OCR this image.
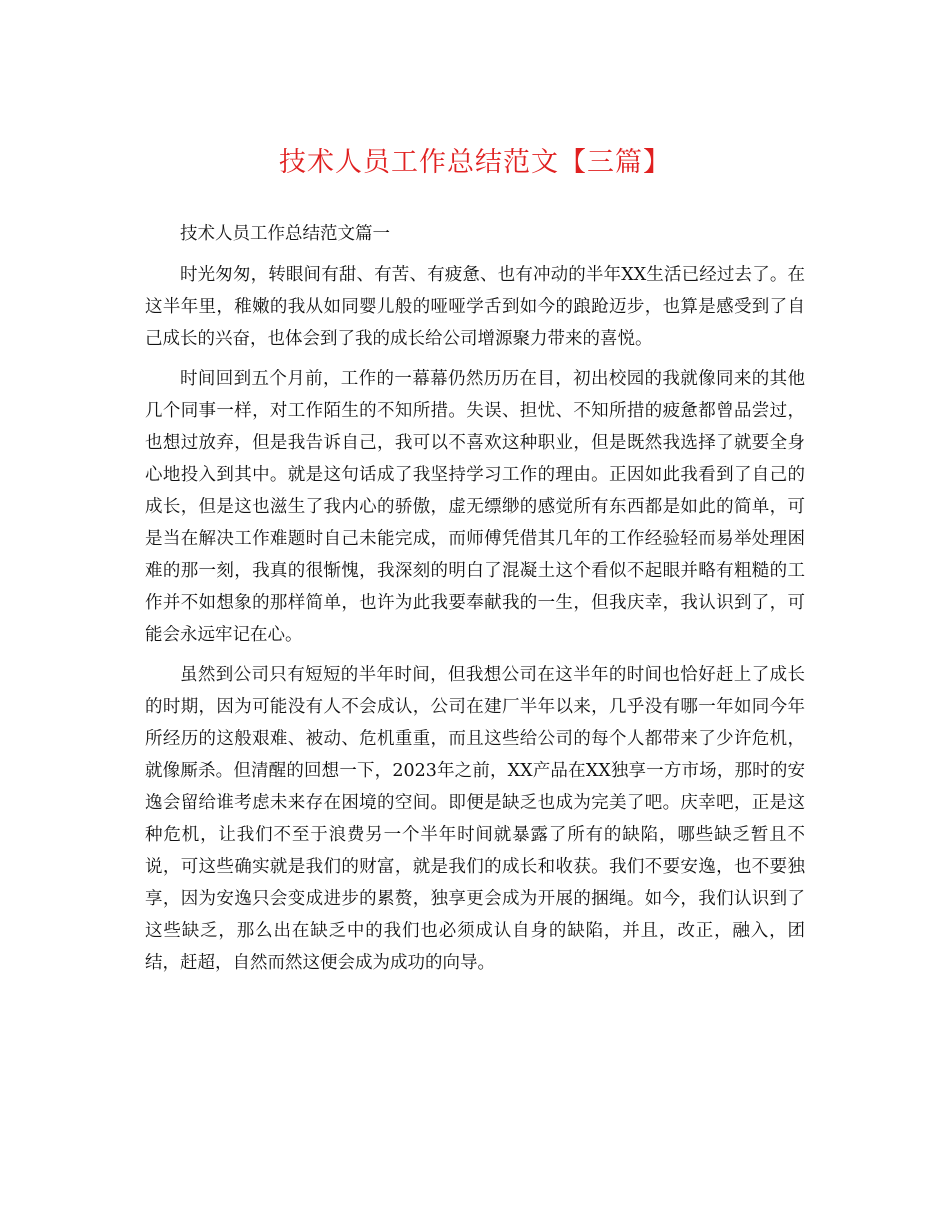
技术人员工作总结范文【三篇】

技术人员工作总结范文篇一

时光匆匆，转眼间有甜、有苦、有疲惫、也有冲动的半年XX生活已经过去了。在这半年里，稚嫩的我从如同婴儿般的哑哑学舌到如今的踉跄迈步，也算是感受到了自己成长的兴奋，也体会到了我的成长给公司增源聚力带来的喜悦。

时间回到五个月前，工作的一幕幕仍然历历在目，初出校园的我就像同来的其他几个同事一样，对工作陌生的不知所措。失误、担忧、不知所措的疲惫都曾品尝过，也想过放弃，但是我告诉自己，我可以不喜欢这种职业，但是既然我选择了就要全身心地投入到其中。就是这句话成了我坚持学习工作的理由。正因如此我看到了自己的成长，但是这也滋生了我内心的骄傲，虚无缥缈的感觉所有东西都是如此的简单，可是当在解决工作难题时自己未能完成，而师傅凭借其几年的工作经验轻而易举处理困难的那一刻，我真的很惭愧，我深刻的明白了混凝土这个看似不起眼并略有粗糙的工作并不如想象的那样简单，也许为此我要奉献我的一生，但我庆幸，我认识到了，可能会永远牢记在心。

虽然到公司只有短短的半年时间，但我想公司在这半年的时间也恰好赶上了成长的时期，因为可能没有人不会成认，公司在建厂半年以来，几乎没有哪一年如同今年所经历的这般艰难、被动、危机重重，而且这些给公司的每个人都带来了少许危机，就像厮杀。但清醒的回想一下，2023年之前，XX产品在XX独享一方市场，那时的安逸会留给谁考虑未来存在困境的空间。即便是缺乏也成为完美了吧。庆幸吧，正是这种危机，让我们不至于浪费另一个半年时间就暴露了所有的缺陷，哪些缺乏暂且不说，可这些确实就是我们的财富，就是我们的成长和收获。我们不要安逸，也不要独享，因为安逸只会变成进步的累赘，独享更会成为开展的捆绳。如今，我们认识到了这些缺乏，那么出在缺乏中的我们也必须成认自身的缺陷，并且，改正，融入，团结，赶超，自然而然这便会成为成功的向导。
